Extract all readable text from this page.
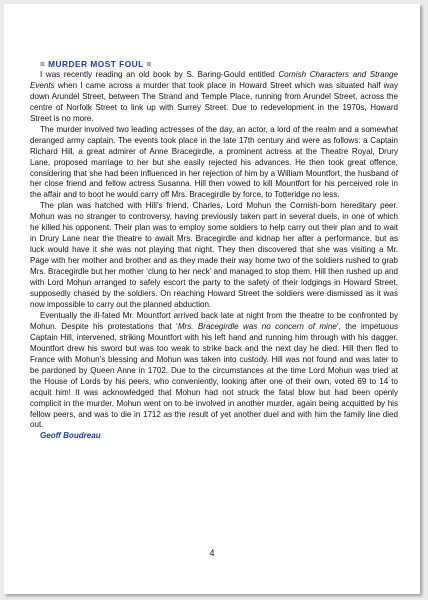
= MURDER MOST FOUL =

I was recently reading an old book by S. Baring-Gould entitled Cornish Characters and Strange Events when I came across a murder that took place in Howard Street which was situated half way down Arundel Street, between The Strand and Temple Place, running from Arundel Street, across the centre of Norfolk Street to link up with Surrey Street. Due to redevelopment in the 1970s, Howard Street is no more.

The murder involved two leading actresses of the day, an actor, a lord of the realm and a somewhat deranged army captain. The events took place in the late 17th century and were as follows: a Captain Richard Hill, a great admirer of Anne Bracegirdle, a prominent actress at the Theatre Royal, Drury Lane, proposed marriage to her but she easily rejected his advances. He then took great offence, considering that she had been influenced in her rejection of him by a William Mountfort, the husband of her close friend and fellow actress Susanna. Hill then vowed to kill Mountfort for his perceived role in the affair and to boot he would carry off Mrs. Bracegirdle by force, to Totteridge no less.

The plan was hatched with Hill’s friend, Charles, Lord Mohun the Cornish-born hereditary peer. Mohun was no stranger to controversy, having previously taken part in several duels, in one of which he killed his opponent. Their plan was to employ some soldiers to help carry out their plan and to wait in Drury Lane near the theatre to await Mrs. Bracegirdle and kidnap her after a performance, but as luck would have it she was not playing that night. They then discovered that she was visiting a Mr. Page with her mother and brother and as they made their way home two of the soldiers rushed to grab Mrs. Bracegirdle but her mother ‘clung to her neck’ and managed to stop them. Hill then rushed up and with Lord Mohun arranged to safely escort the party to the safety of their lodgings in Howard Street, supposedly chased by the soldiers. On reaching Howard Street the soldiers were dismissed as it was now impossible to carry out the planned abduction.

Eventually the ill-fated Mr. Mountfort arrived back late at night from the theatre to be confronted by Mohun. Despite his protestations that ‘Mrs. Bracegirdle was no concern of mine’, the impetuous Captain Hill, intervened, striking Mountfort with his left hand and running him through with his dagger. Mountfort drew his sword but was too weak to strike back and the next day he died. Hill then fled to France with Mohun’s blessing and Mohun was taken into custody. Hill was not found and was later to be pardoned by Queen Anne in 1702. Due to the circumstances at the time Lord Mohun was tried at the House of Lords by his peers, who conveniently, looking after one of their own, voted 69 to 14 to acquit him! It was acknowledged that Mohun had not struck the fatal blow but had been openly complicit in the murder. Mohun went on to be involved in another murder, again being acquitted by his fellow peers, and was to die in 1712 as the result of yet another duel and with him the family line died out.

Geoff Boudreau

4
